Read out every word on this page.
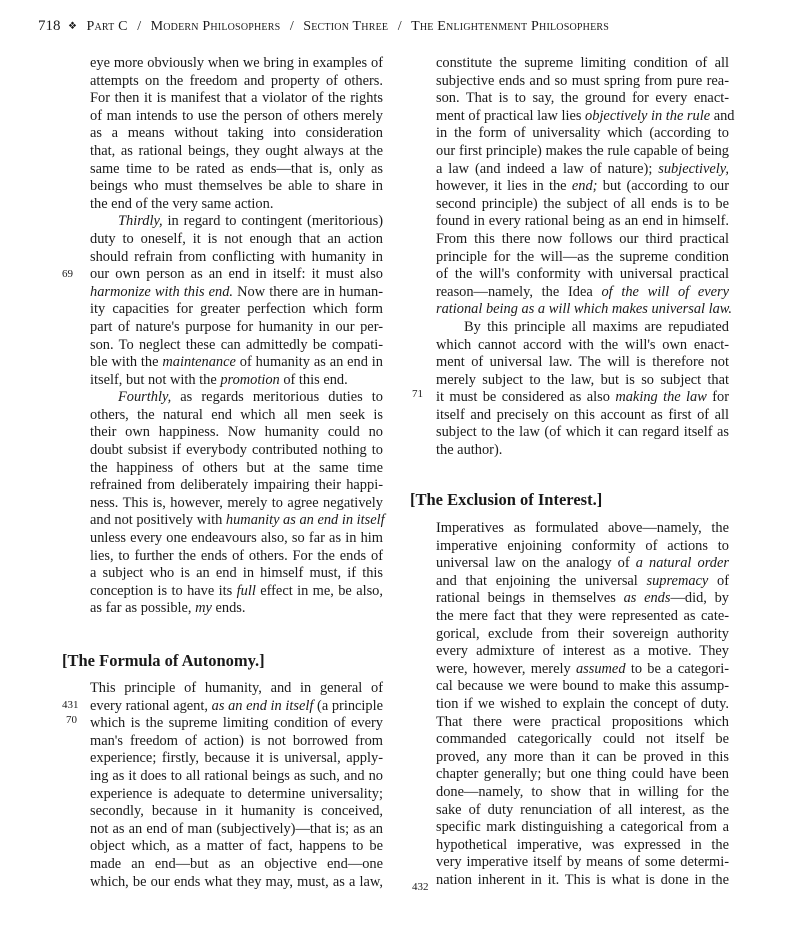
718 ❖ Part C / Modern Philosophers / Section Three / The Enlightenment Philosophers
69
431
70
71
432
eye more obviously when we bring in examples of
attempts on the freedom and property of others.
For then it is manifest that a violator of the rights
of man intends to use the person of others merely
as a means without taking into consideration
that, as rational beings, they ought always at the
same time to be rated as ends—that is, only as
beings who must themselves be able to share in
the end of the very same action.
Thirdly, in regard to contingent (meritorious)
duty to oneself, it is not enough that an action
should refrain from conflicting with humanity in
our own person as an end in itself: it must also
harmonize with this end. Now there are in human-
ity capacities for greater perfection which form
part of nature's purpose for humanity in our per-
son. To neglect these can admittedly be compati-
ble with the maintenance of humanity as an end in
itself, but not with the promotion of this end.
Fourthly, as regards meritorious duties to
others, the natural end which all men seek is
their own happiness. Now humanity could no
doubt subsist if everybody contributed nothing to
the happiness of others but at the same time
refrained from deliberately impairing their happi-
ness. This is, however, merely to agree negatively
and not positively with humanity as an end in itself
unless every one endeavours also, so far as in him
lies, to further the ends of others. For the ends of
a subject who is an end in himself must, if this
conception is to have its full effect in me, be also,
as far as possible, my ends.
[The Formula of Autonomy.]
This principle of humanity, and in general of
every rational agent, as an end in itself (a principle
which is the supreme limiting condition of every
man's freedom of action) is not borrowed from
experience; firstly, because it is universal, apply-
ing as it does to all rational beings as such, and no
experience is adequate to determine universality;
secondly, because in it humanity is conceived,
not as an end of man (subjectively)—that is; as an
object which, as a matter of fact, happens to be
made an end—but as an objective end—one
which, be our ends what they may, must, as a law,
constitute the supreme limiting condition of all
subjective ends and so must spring from pure rea-
son. That is to say, the ground for every enact-
ment of practical law lies objectively in the rule and
in the form of universality which (according to
our first principle) makes the rule capable of being
a law (and indeed a law of nature); subjectively,
however, it lies in the end; but (according to our
second principle) the subject of all ends is to be
found in every rational being as an end in himself.
From this there now follows our third practical
principle for the will—as the supreme condition
of the will's conformity with universal practical
reason—namely, the Idea of the will of every
rational being as a will which makes universal law.
By this principle all maxims are repudiated
which cannot accord with the will's own enact-
ment of universal law. The will is therefore not
merely subject to the law, but is so subject that
it must be considered as also making the law for
itself and precisely on this account as first of all
subject to the law (of which it can regard itself as
the author).
[The Exclusion of Interest.]
Imperatives as formulated above—namely, the
imperative enjoining conformity of actions to
universal law on the analogy of a natural order
and that enjoining the universal supremacy of
rational beings in themselves as ends—did, by
the mere fact that they were represented as cate-
gorical, exclude from their sovereign authority
every admixture of interest as a motive. They
were, however, merely assumed to be a categori-
cal because we were bound to make this assump-
tion if we wished to explain the concept of duty.
That there were practical propositions which
commanded categorically could not itself be
proved, any more than it can be proved in this
chapter generally; but one thing could have been
done—namely, to show that in willing for the
sake of duty renunciation of all interest, as the
specific mark distinguishing a categorical from a
hypothetical imperative, was expressed in the
very imperative itself by means of some determi-
nation inherent in it. This is what is done in the
